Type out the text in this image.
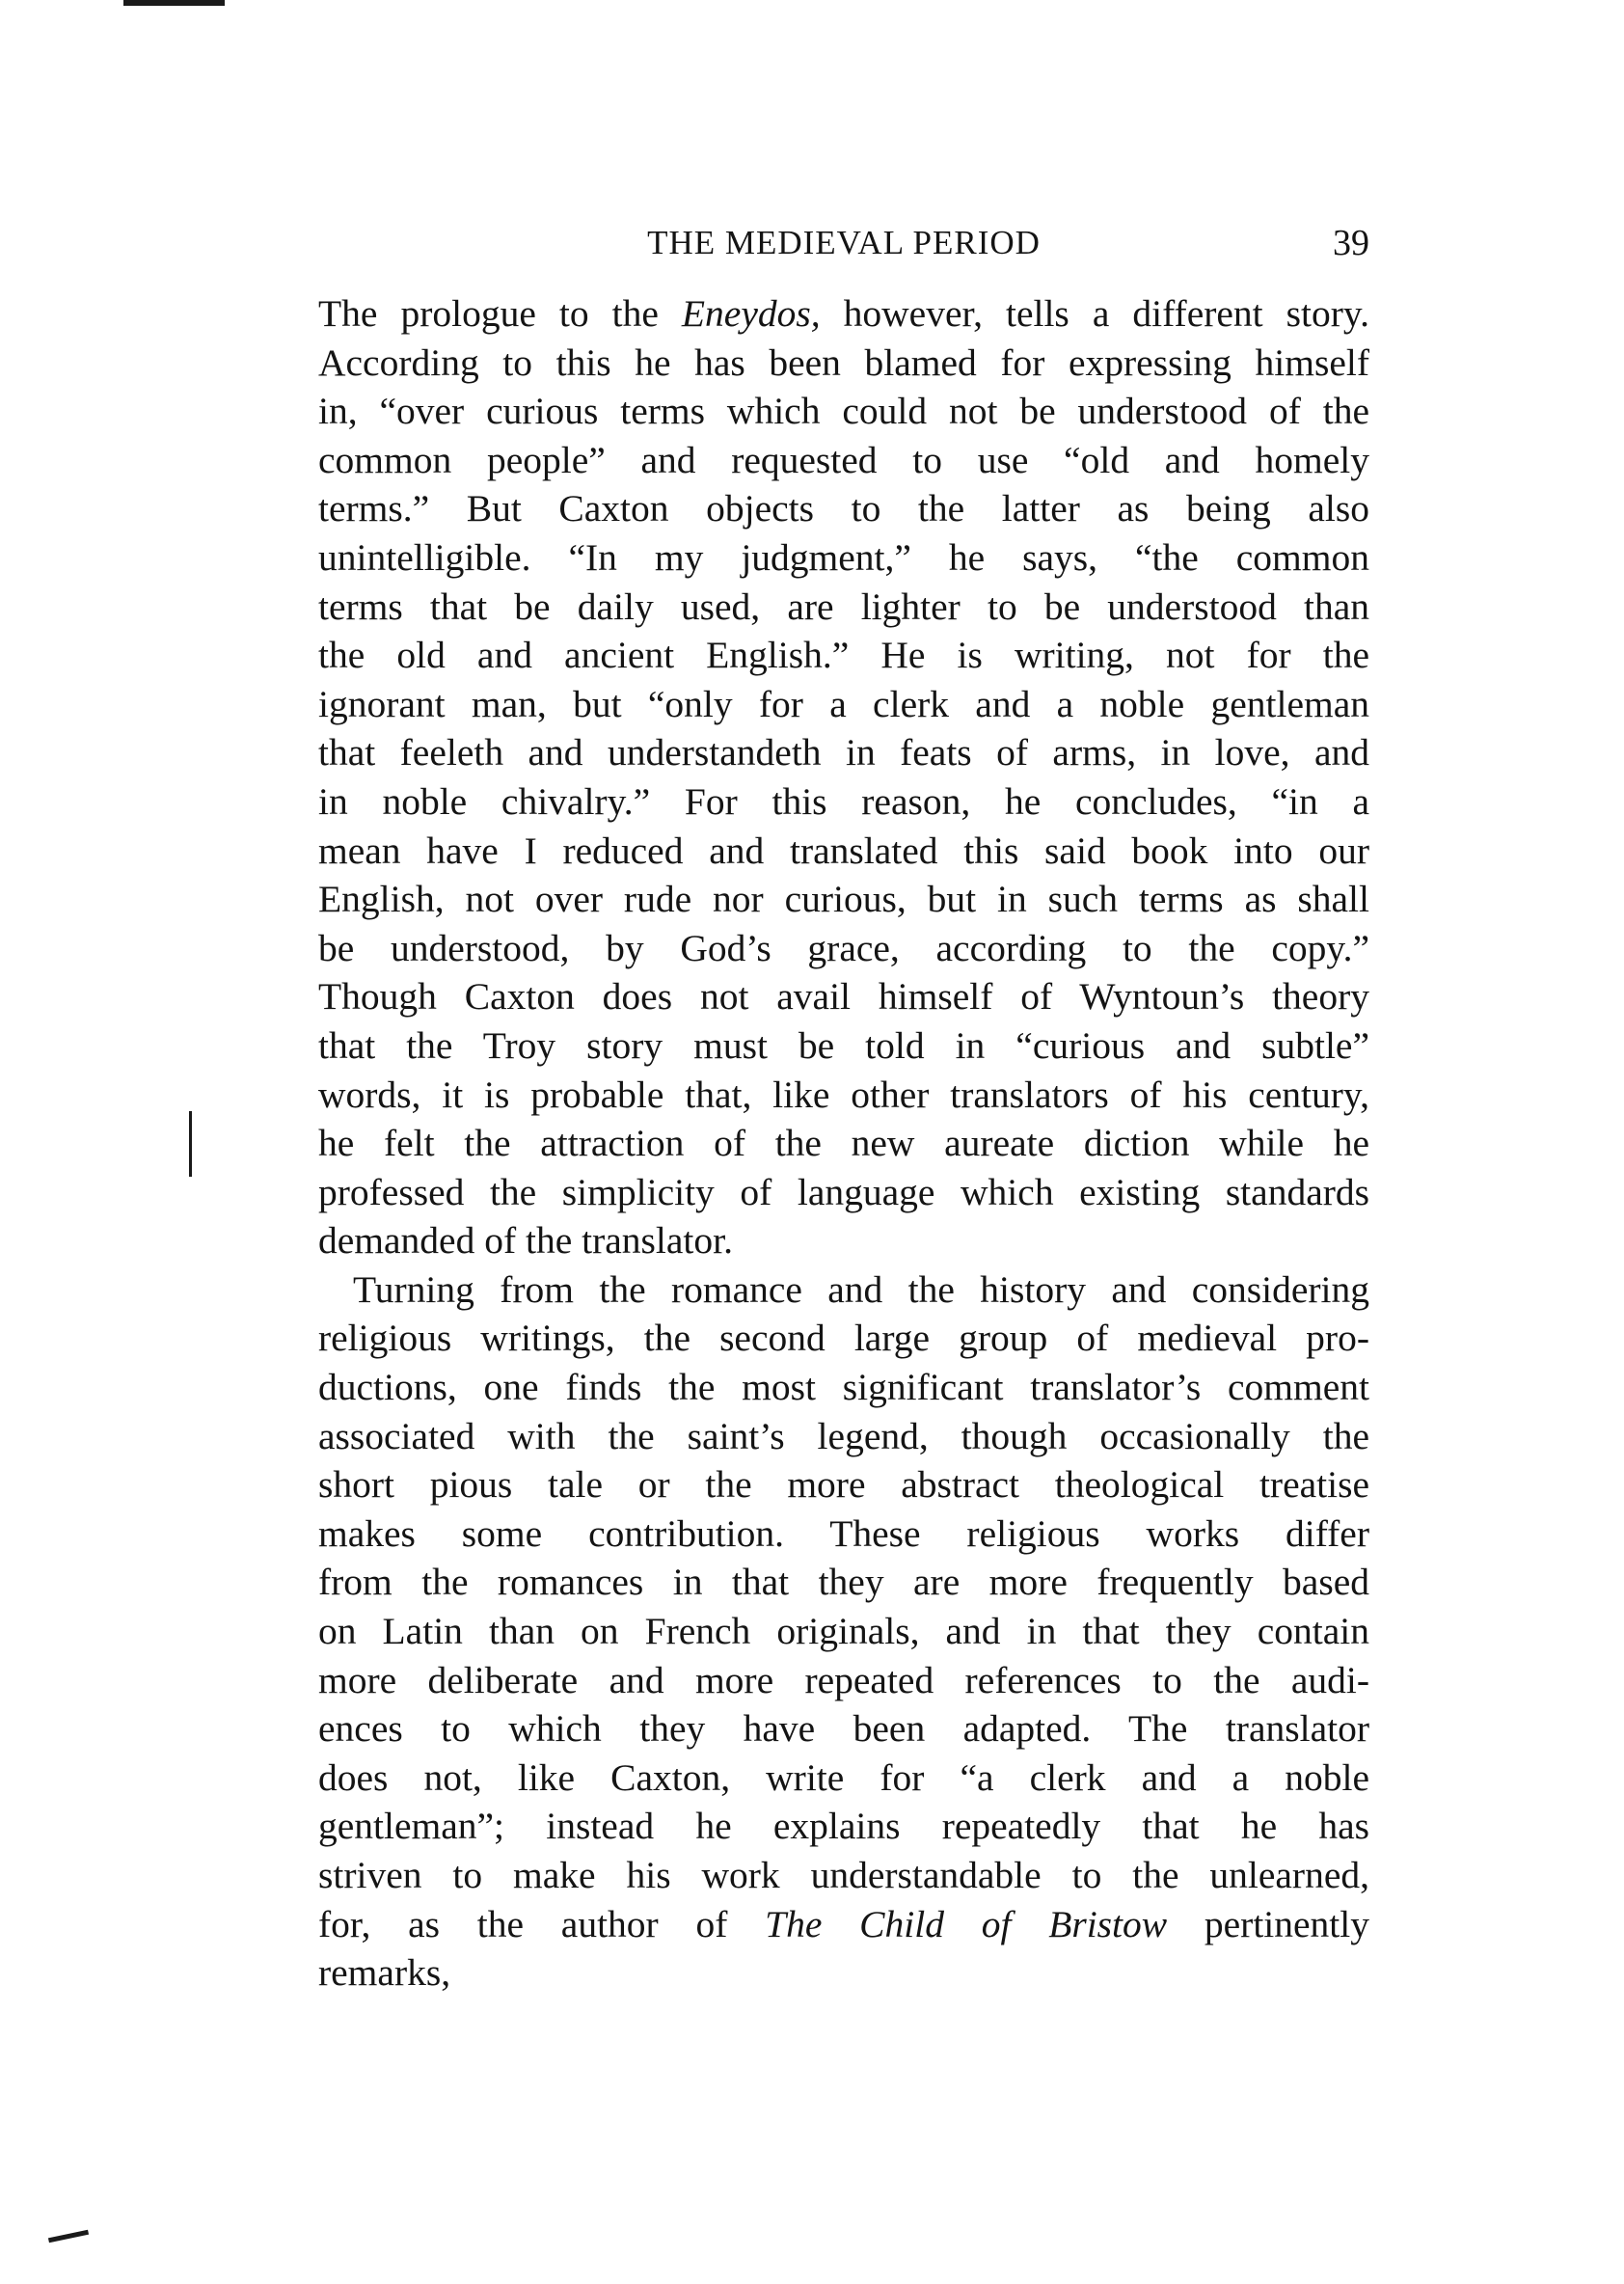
THE MEDIEVAL PERIOD	39
The prologue to the Eneydos, however, tells a different story.
According to this he has been blamed for expressing himself
in, “over curious terms which could not be understood of the
common people” and requested to use “old and homely
terms.” But Caxton objects to the latter as being also
unintelligible. “In my judgment,” he says, “the common
terms that be daily used, are lighter to be understood than
the old and ancient English.” He is writing, not for the
ignorant man, but “only for a clerk and a noble gentleman
that feeleth and understandeth in feats of arms, in love, and
in noble chivalry.” For this reason, he concludes, “in a
mean have I reduced and translated this said book into our
English, not over rude nor curious, but in such terms as shall
be understood, by God’s grace, according to the copy.”
Though Caxton does not avail himself of Wyntoun’s theory
that the Troy story must be told in “curious and subtle”
words, it is probable that, like other translators of his century,
he felt the attraction of the new aureate diction while he
professed the simplicity of language which existing standards
demanded of the translator.
Turning from the romance and the history and considering
religious writings, the second large group of medieval pro-
ductions, one finds the most significant translator’s comment
associated with the saint’s legend, though occasionally the
short pious tale or the more abstract theological treatise
makes some contribution. These religious works differ
from the romances in that they are more frequently based
on Latin than on French originals, and in that they contain
more deliberate and more repeated references to the audi-
ences to which they have been adapted. The translator
does not, like Caxton, write for “a clerk and a noble
gentleman”; instead he explains repeatedly that he has
striven to make his work understandable to the unlearned,
for, as the author of The Child of Bristow pertinently
remarks,
